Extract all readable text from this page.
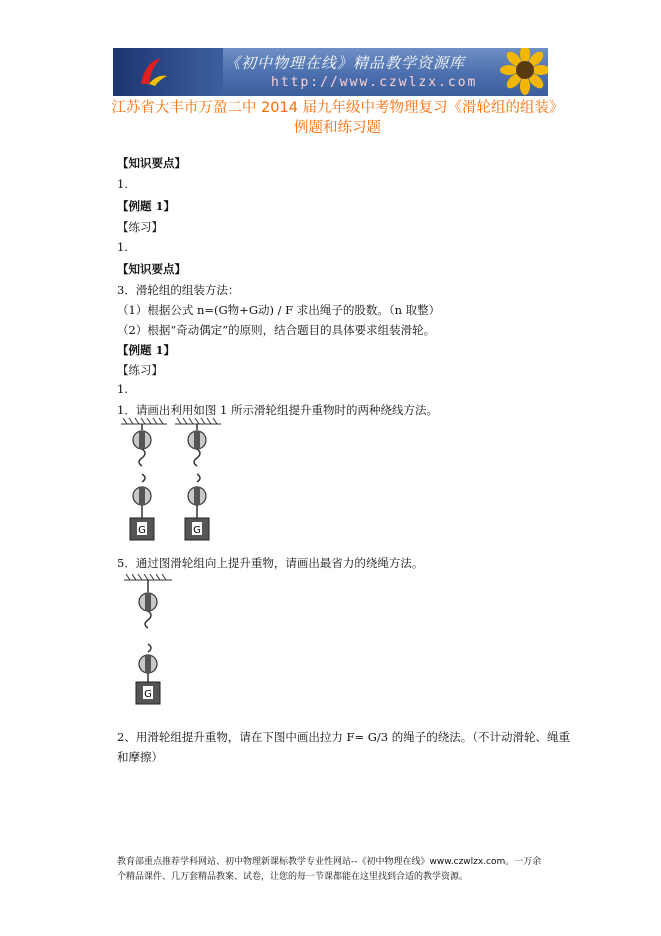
《初中物理在线》精品教学资源库
http://www.czwlzx.com
江苏省大丰市万盈二中 2014 届九年级中考物理复习《滑轮组的组装》
例题和练习题
【知识要点】
1.
【例题 1】
【练习】
1.
【知识要点】
3．滑轮组的组装方法：
（1）根据公式 n=(G物+G动) / F 求出绳子的股数。（n 取整）
（2）根据“奇动偶定”的原则，结合题目的具体要求组装滑轮。
【例题 1】
【练习】
1.
1．请画出利用如图 1 所示滑轮组提升重物时的两种绕线方法。
G	G
5．通过图滑轮组向上提升重物，请画出最省力的绕绳方法。
G
2、用滑轮组提升重物，请在下图中画出拉力 F= G/3 的绳子的绕法。（不计动滑轮、绳重
和摩擦）
教育部重点推荐学科网站、初中物理新课标教学专业性网站--《初中物理在线》www.czwlzx.com。一万余
个精品课件、几万套精品教案、试卷，让您的每一节课都能在这里找到合适的教学资源。
